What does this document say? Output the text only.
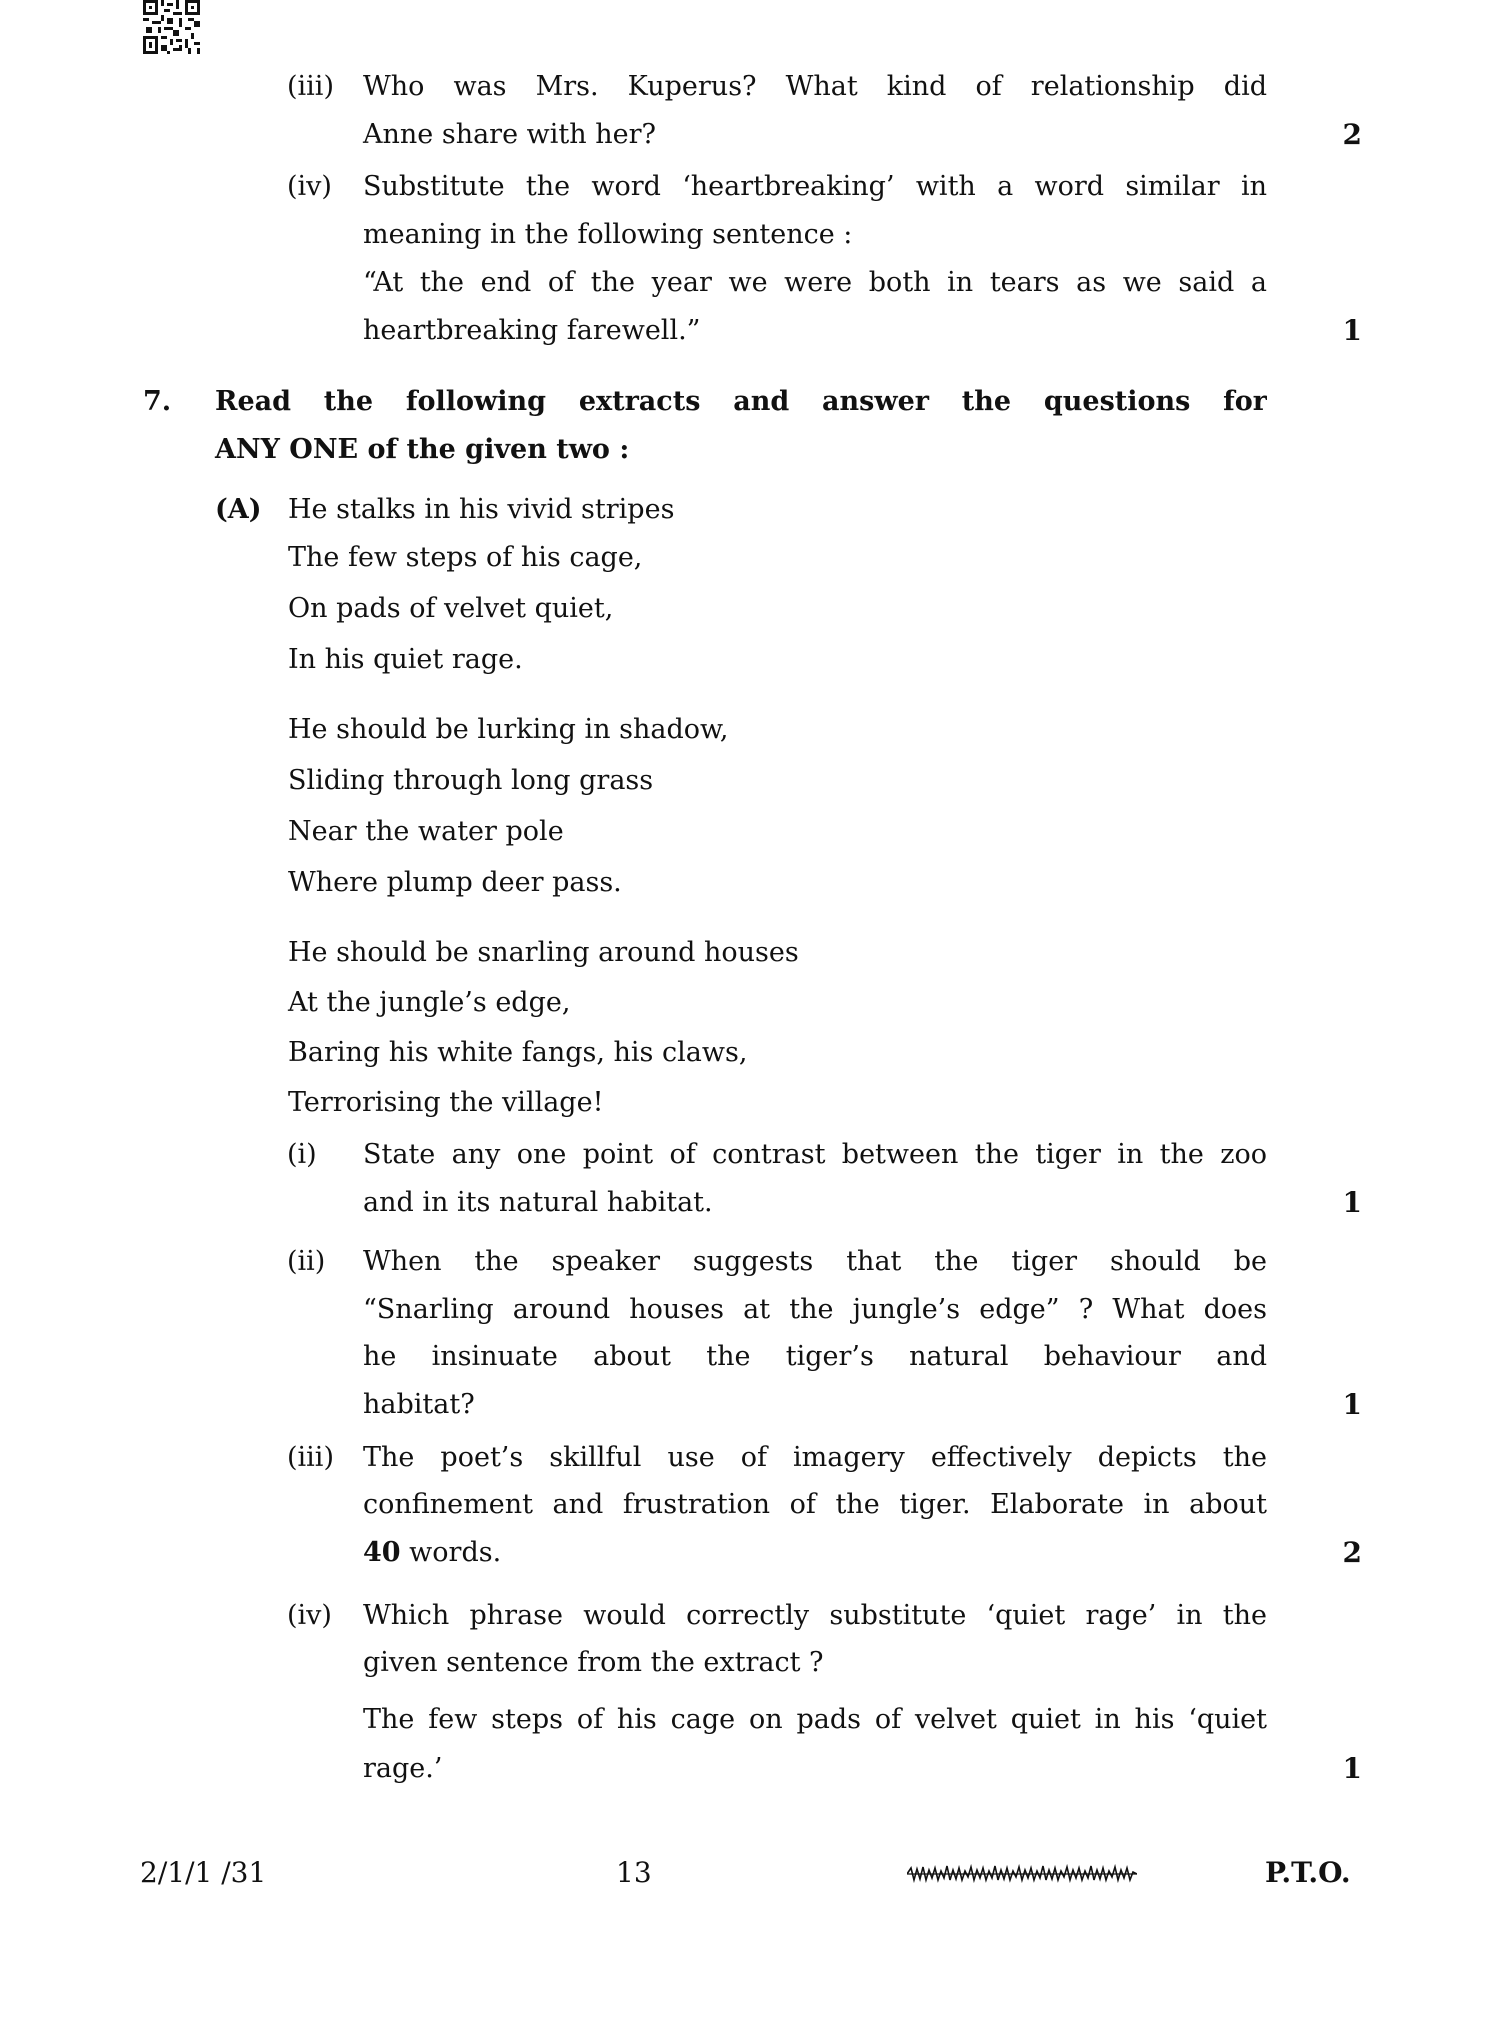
(iii) Who was Mrs. Kuperus? What kind of relationship did
Anne share with her?	2
(iv) Substitute the word ‘heartbreaking’ with a word similar in
meaning in the following sentence :
“At the end of the year we were both in tears as we said a
heartbreaking farewell.”	1
7. Read the following extracts and answer the questions for
ANY ONE of the given two :
(A) He stalks in his vivid stripes
The few steps of his cage,
On pads of velvet quiet,
In his quiet rage.
He should be lurking in shadow,
Sliding through long grass
Near the water pole
Where plump deer pass.
He should be snarling around houses
At the jungle’s edge,
Baring his white fangs, his claws,
Terrorising the village!
(i) State any one point of contrast between the tiger in the zoo
and in its natural habitat.	1
(ii) When the speaker suggests that the tiger should be
“Snarling around houses at the jungle’s edge” ? What does
he insinuate about the tiger’s natural behaviour and
habitat?	1
(iii) The poet’s skillful use of imagery effectively depicts the
confinement and frustration of the tiger. Elaborate in about
40 words.	2
(iv) Which phrase would correctly substitute ‘quiet rage’ in the
given sentence from the extract ?
The few steps of his cage on pads of velvet quiet in his ‘quiet
rage.’	1
2/1/1 /31	13	P.T.O.
